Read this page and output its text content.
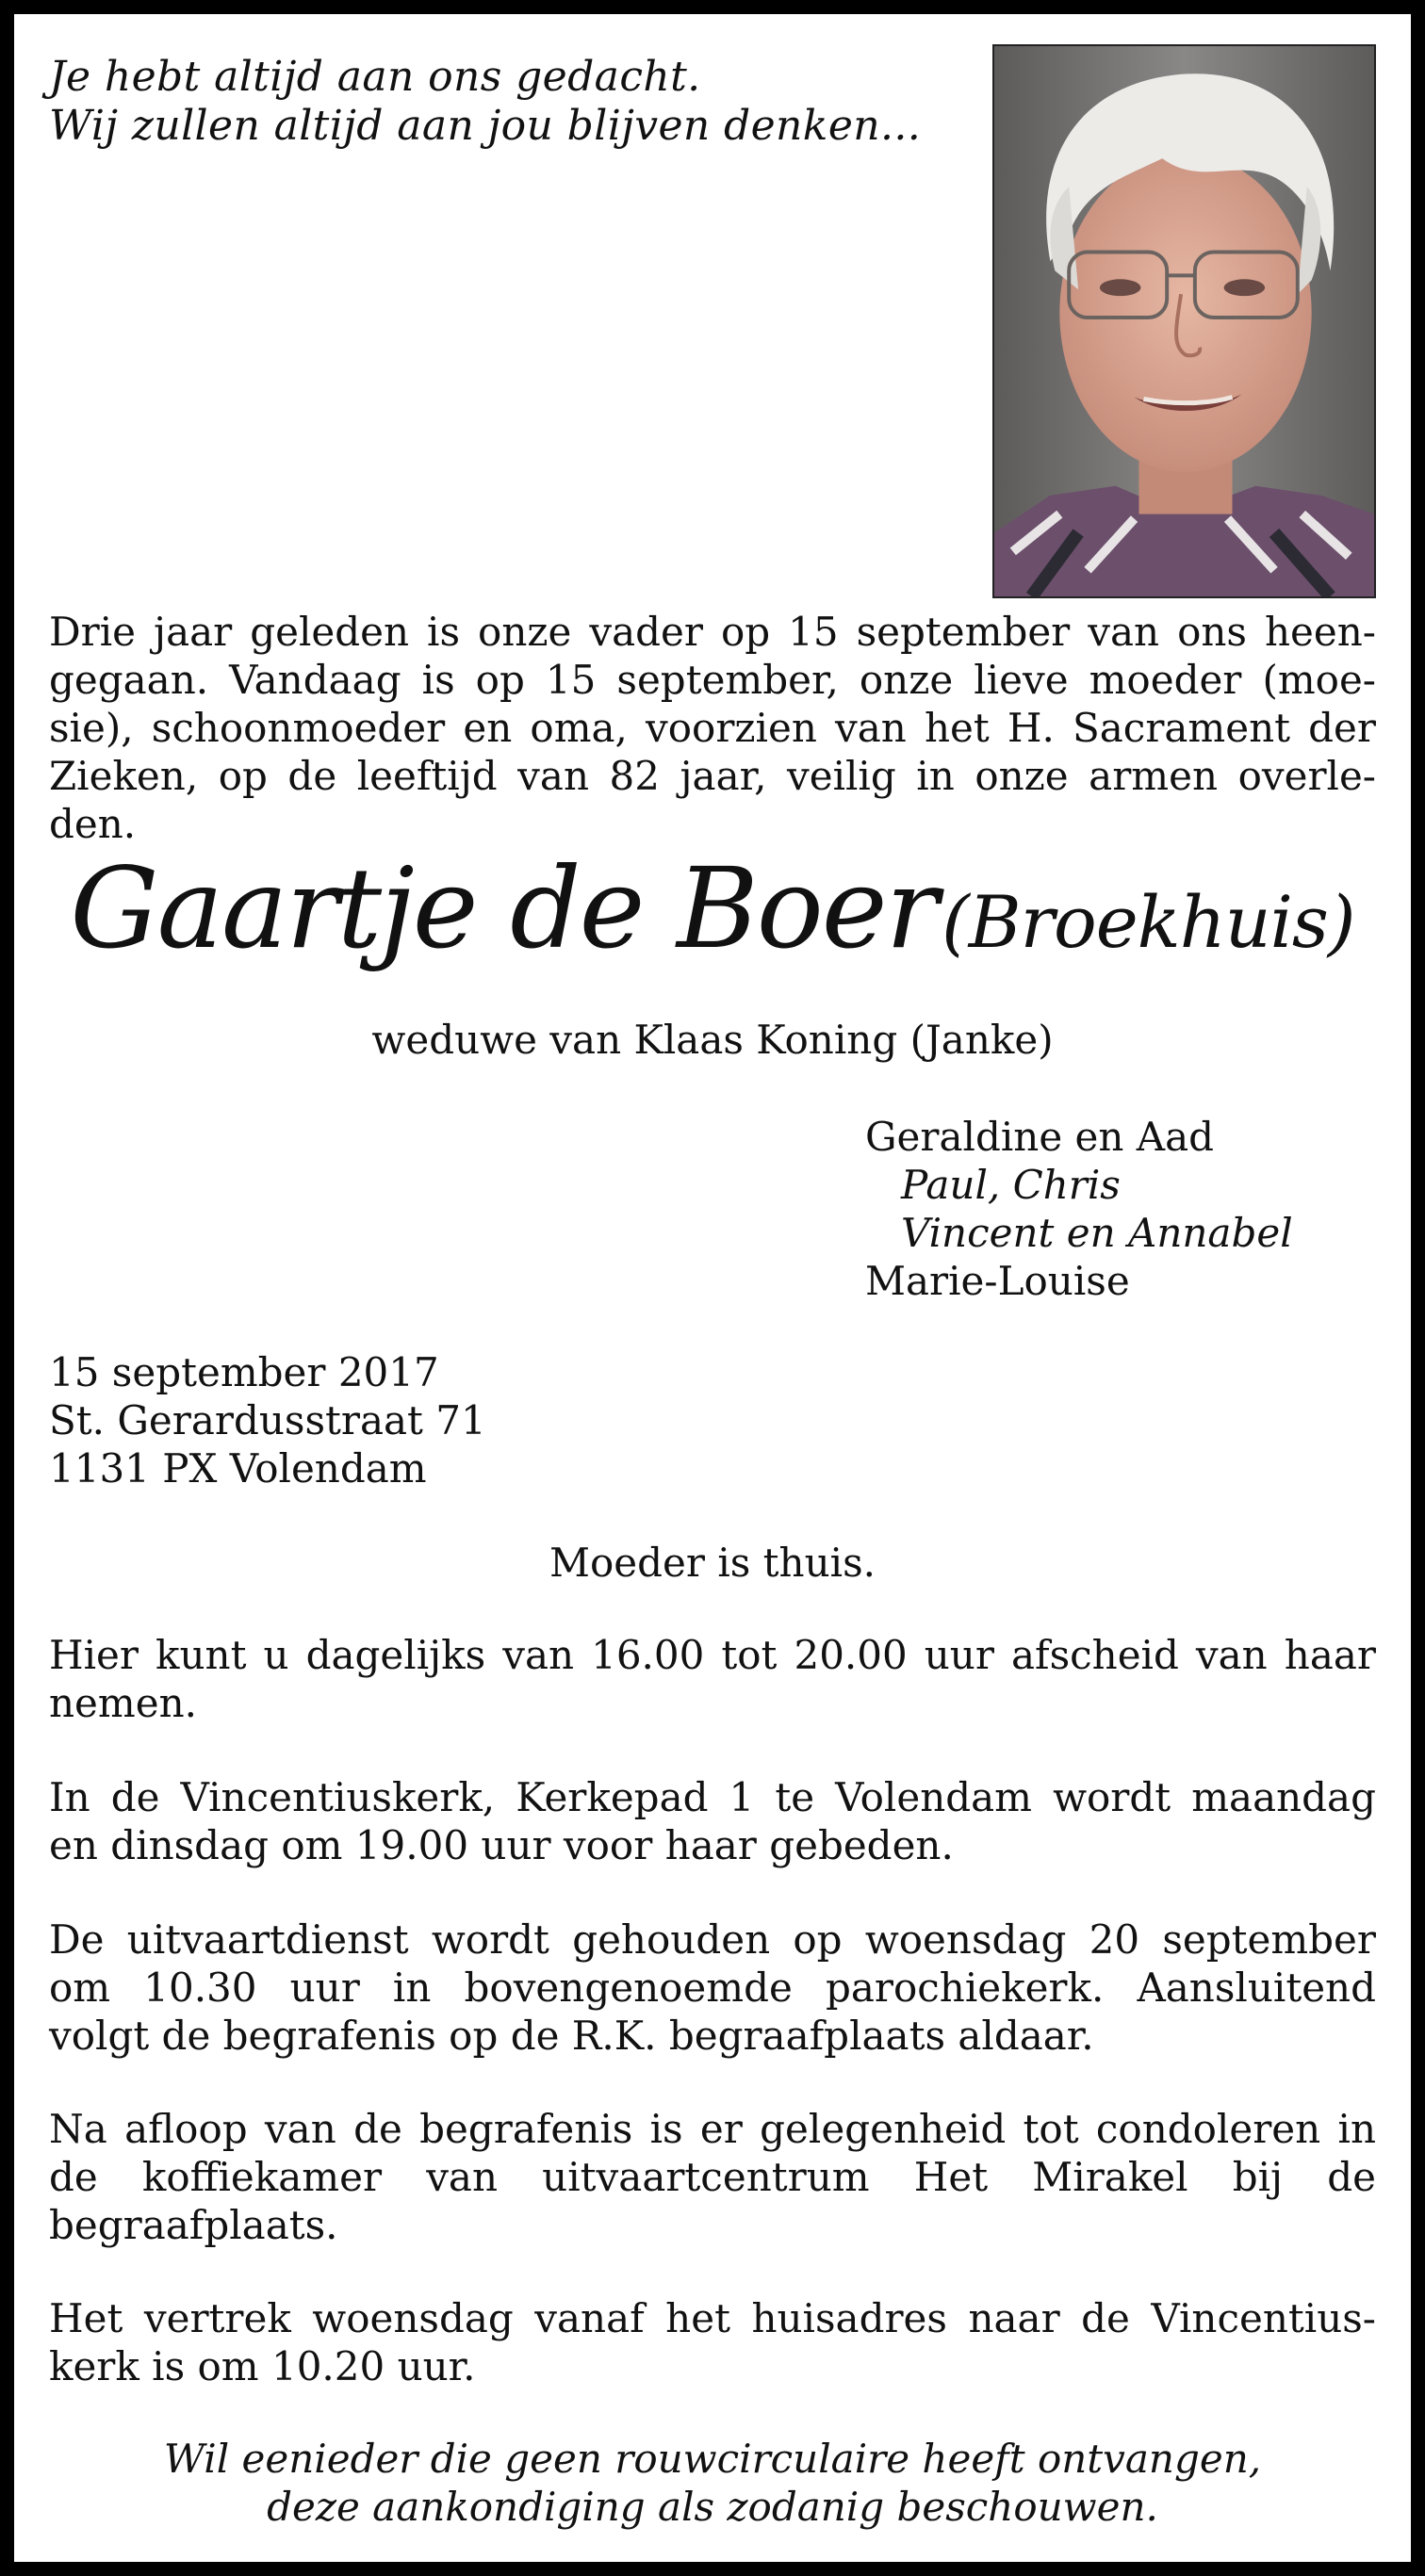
Je hebt altijd aan ons gedacht.
Wij zullen altijd aan jou blijven denken...
Drie jaar geleden is onze vader op 15 september van ons heen-
gegaan. Vandaag is op 15 september, onze lieve moeder (moe-
sie), schoonmoeder en oma, voorzien van het H. Sacrament der
Zieken, op de leeftijd van 82 jaar, veilig in onze armen overle-
den.
Gaartje de Boer (Broekhuis)
weduwe van Klaas Koning (Janke)
Geraldine en Aad
Paul, Chris
Vincent en Annabel
Marie-Louise
15 september 2017
St. Gerardusstraat 71
1131 PX Volendam
Moeder is thuis.
Hier kunt u dagelijks van 16.00 tot 20.00 uur afscheid van haar
nemen.
In de Vincentiuskerk, Kerkepad 1 te Volendam wordt maandag
en dinsdag om 19.00 uur voor haar gebeden.
De uitvaartdienst wordt gehouden op woensdag 20 september
om 10.30 uur in bovengenoemde parochiekerk. Aansluitend
volgt de begrafenis op de R.K. begraafplaats aldaar.
Na afloop van de begrafenis is er gelegenheid tot condoleren in
de koffiekamer van uitvaartcentrum Het Mirakel bij de
begraafplaats.
Het vertrek woensdag vanaf het huisadres naar de Vincentius-
kerk is om 10.20 uur.
Wil eenieder die geen rouwcirculaire heeft ontvangen,
deze aankondiging als zodanig beschouwen.
